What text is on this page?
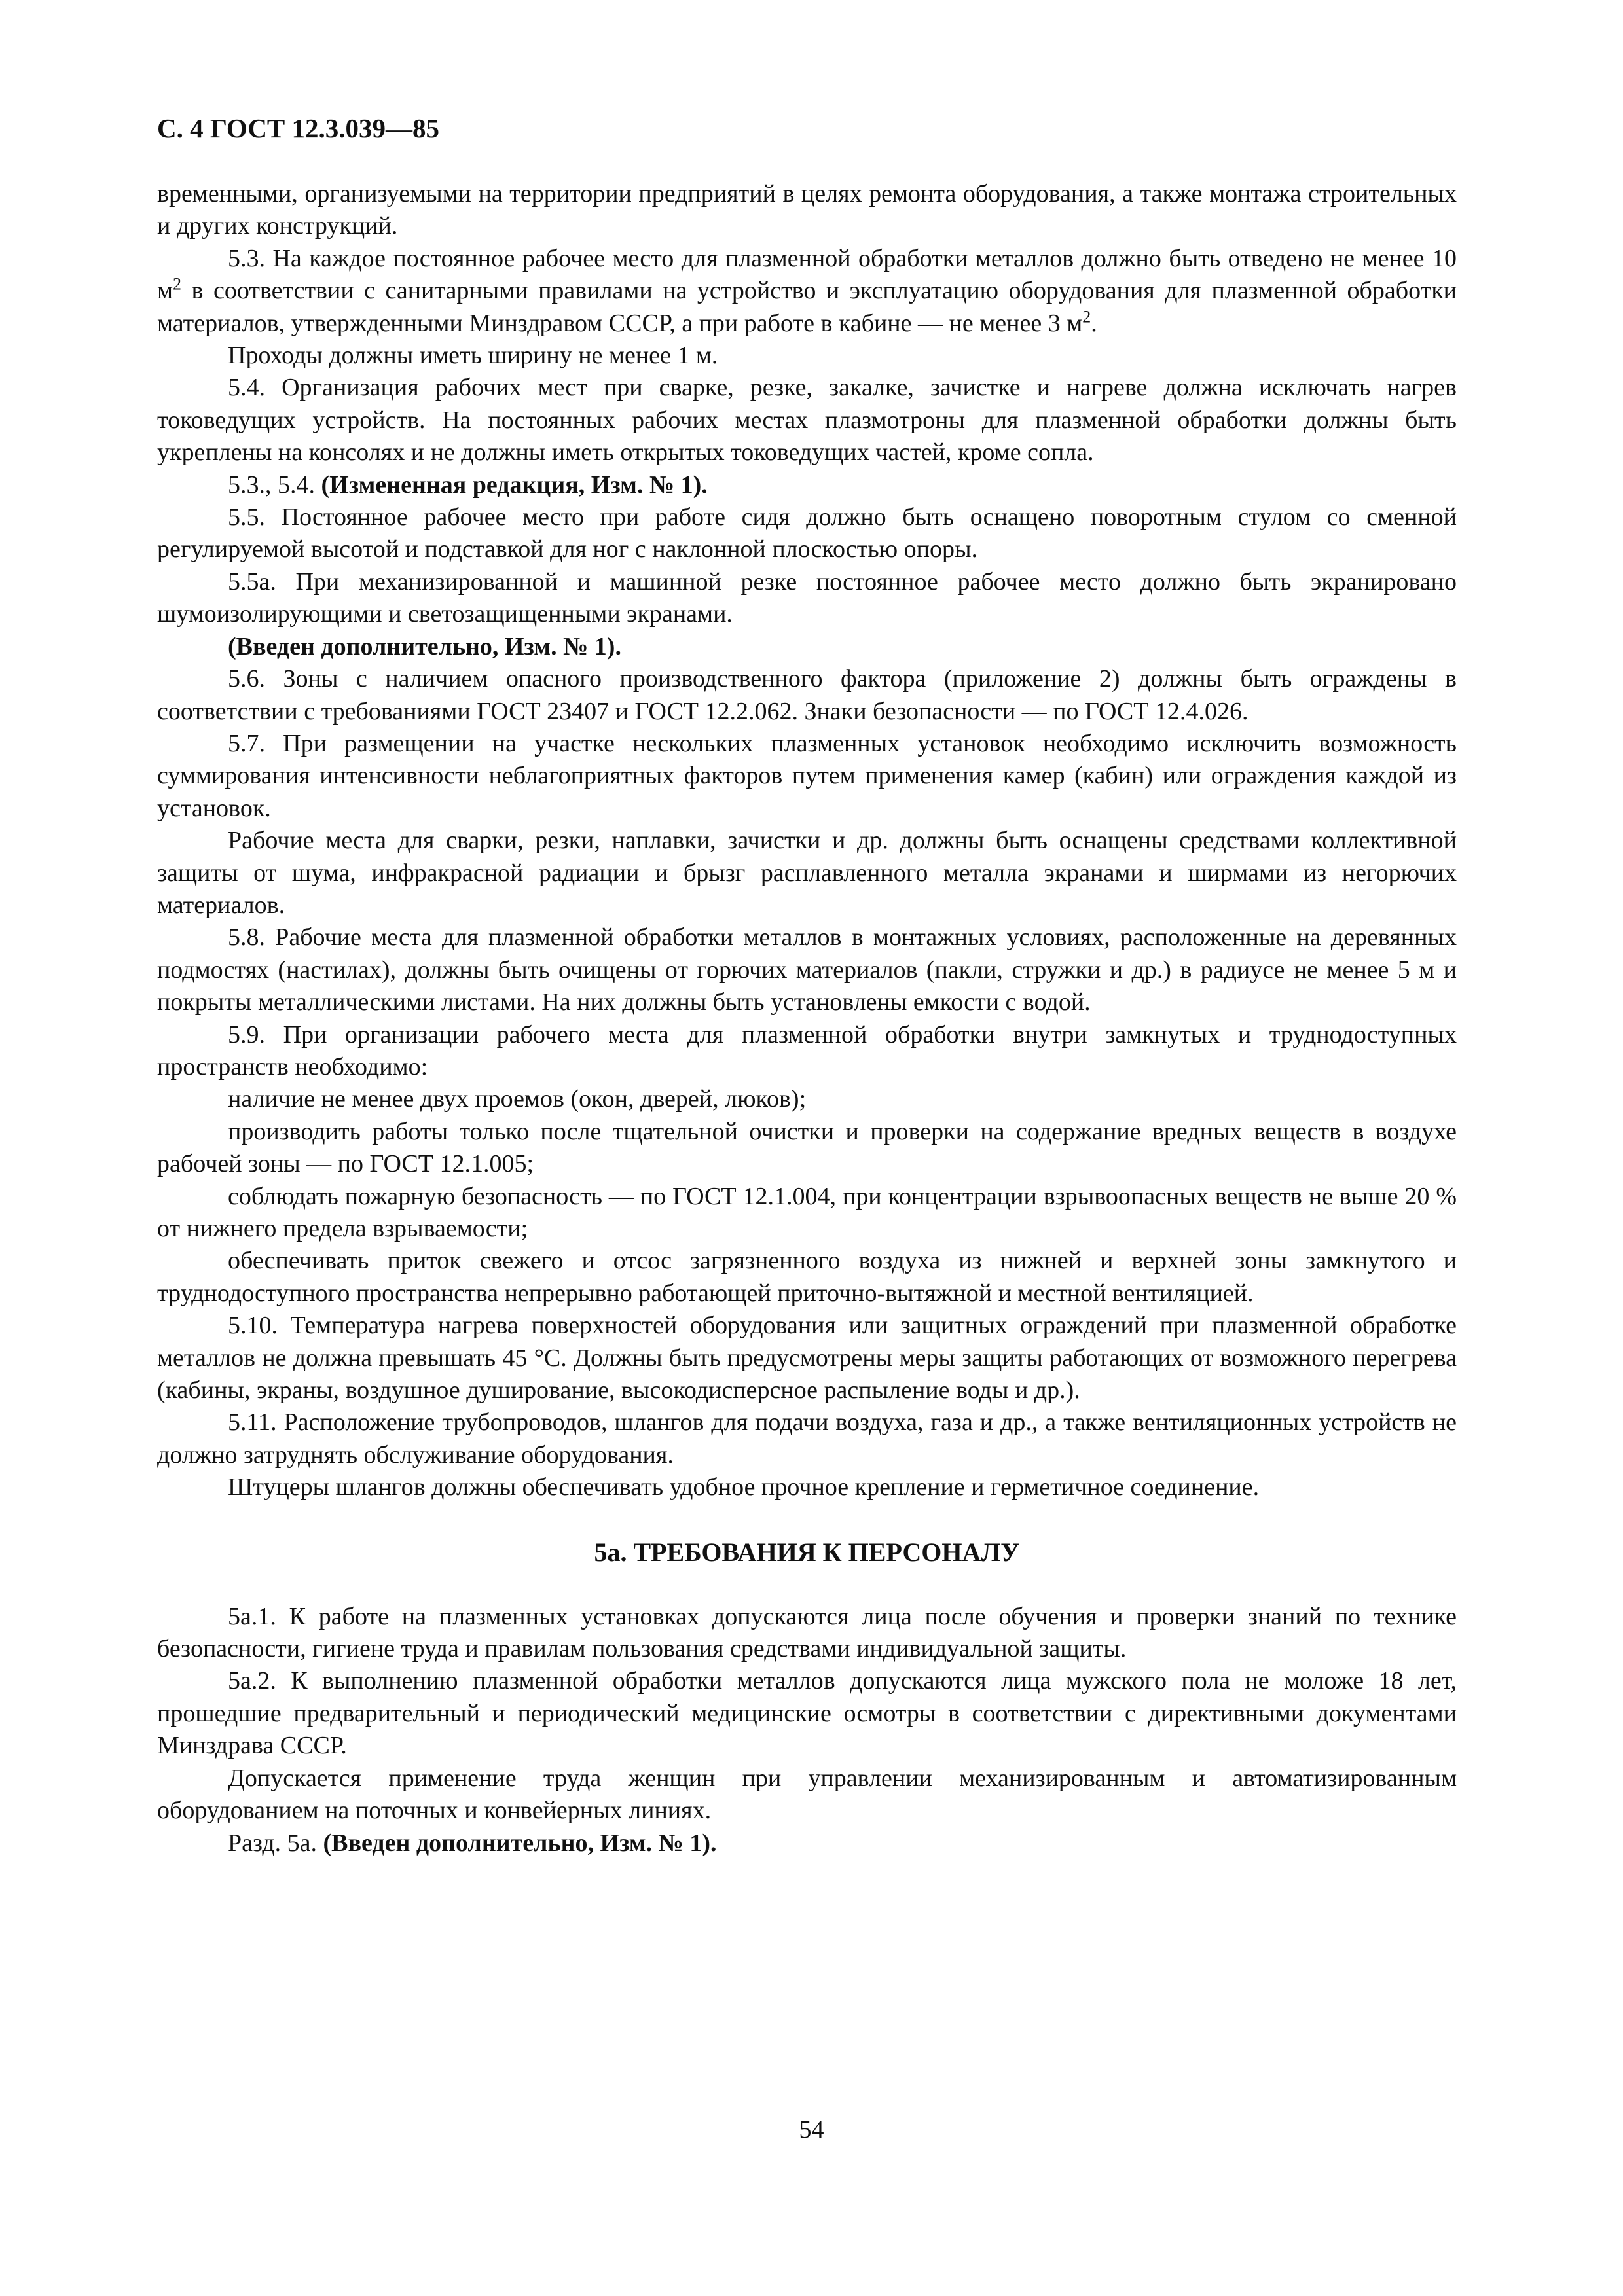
С. 4 ГОСТ 12.3.039—85

временными, организуемыми на территории предприятий в целях ремонта оборудования, а также монтажа строительных и других конструкций.

5.3. На каждое постоянное рабочее место для плазменной обработки металлов должно быть отведено не менее 10 $м^2$ в соответствии с санитарными правилами на устройство и эксплуатацию оборудования для плазменной обработки материалов, утвержденными Минздравом СССР, а при работе в кабине — не менее 3 $м^2$.

Проходы должны иметь ширину не менее 1 м.

5.4. Организация рабочих мест при сварке, резке, закалке, зачистке и нагреве должна исключать нагрев токоведущих устройств. На постоянных рабочих местах плазмотроны для плазменной обработки должны быть укреплены на консолях и не должны иметь открытых токоведущих частей, кроме сопла.

5.3., 5.4. (Измененная редакция, Изм. № 1).

5.5. Постоянное рабочее место при работе сидя должно быть оснащено поворотным стулом со сменной регулируемой высотой и подставкой для ног с наклонной плоскостью опоры.

5.5а. При механизированной и машинной резке постоянное рабочее место должно быть экранировано шумоизолирующими и светозащищенными экранами.

(Введен дополнительно, Изм. № 1).

5.6. Зоны с наличием опасного производственного фактора (приложение 2) должны быть ограждены в соответствии с требованиями ГОСТ 23407 и ГОСТ 12.2.062. Знаки безопасности — по ГОСТ 12.4.026.

5.7. При размещении на участке нескольких плазменных установок необходимо исключить возможность суммирования интенсивности неблагоприятных факторов путем применения камер (кабин) или ограждения каждой из установок.

Рабочие места для сварки, резки, наплавки, зачистки и др. должны быть оснащены средствами коллективной защиты от шума, инфракрасной радиации и брызг расплавленного металла экранами и ширмами из негорючих материалов.

5.8. Рабочие места для плазменной обработки металлов в монтажных условиях, расположенные на деревянных подмостях (настилах), должны быть очищены от горючих материалов (пакли, стружки и др.) в радиусе не менее 5 м и покрыты металлическими листами. На них должны быть установлены емкости с водой.

5.9. При организации рабочего места для плазменной обработки внутри замкнутых и труднодоступных пространств необходимо:

наличие не менее двух проемов (окон, дверей, люков);

производить работы только после тщательной очистки и проверки на содержание вредных веществ в воздухе рабочей зоны — по ГОСТ 12.1.005;

соблюдать пожарную безопасность — по ГОСТ 12.1.004, при концентрации взрывоопасных веществ не выше 20 % от нижнего предела взрываемости;

обеспечивать приток свежего и отсос загрязненного воздуха из нижней и верхней зоны замкнутого и труднодоступного пространства непрерывно работающей приточно-вытяжной и местной вентиляцией.

5.10. Температура нагрева поверхностей оборудования или защитных ограждений при плазменной обработке металлов не должна превышать 45 °С. Должны быть предусмотрены меры защиты работающих от возможного перегрева (кабины, экраны, воздушное душирование, высокодисперсное распыление воды и др.).

5.11. Расположение трубопроводов, шлангов для подачи воздуха, газа и др., а также вентиляционных устройств не должно затруднять обслуживание оборудования.

Штуцеры шлангов должны обеспечивать удобное прочное крепление и герметичное соединение.

5а. ТРЕБОВАНИЯ К ПЕРСОНАЛУ

5а.1. К работе на плазменных установках допускаются лица после обучения и проверки знаний по технике безопасности, гигиене труда и правилам пользования средствами индивидуальной защиты.

5а.2. К выполнению плазменной обработки металлов допускаются лица мужского пола не моложе 18 лет, прошедшие предварительный и периодический медицинские осмотры в соответствии с директивными документами Минздрава СССР.

Допускается применение труда женщин при управлении механизированным и автоматизированным оборудованием на поточных и конвейерных линиях.

Разд. 5а. (Введен дополнительно, Изм. № 1).

54
